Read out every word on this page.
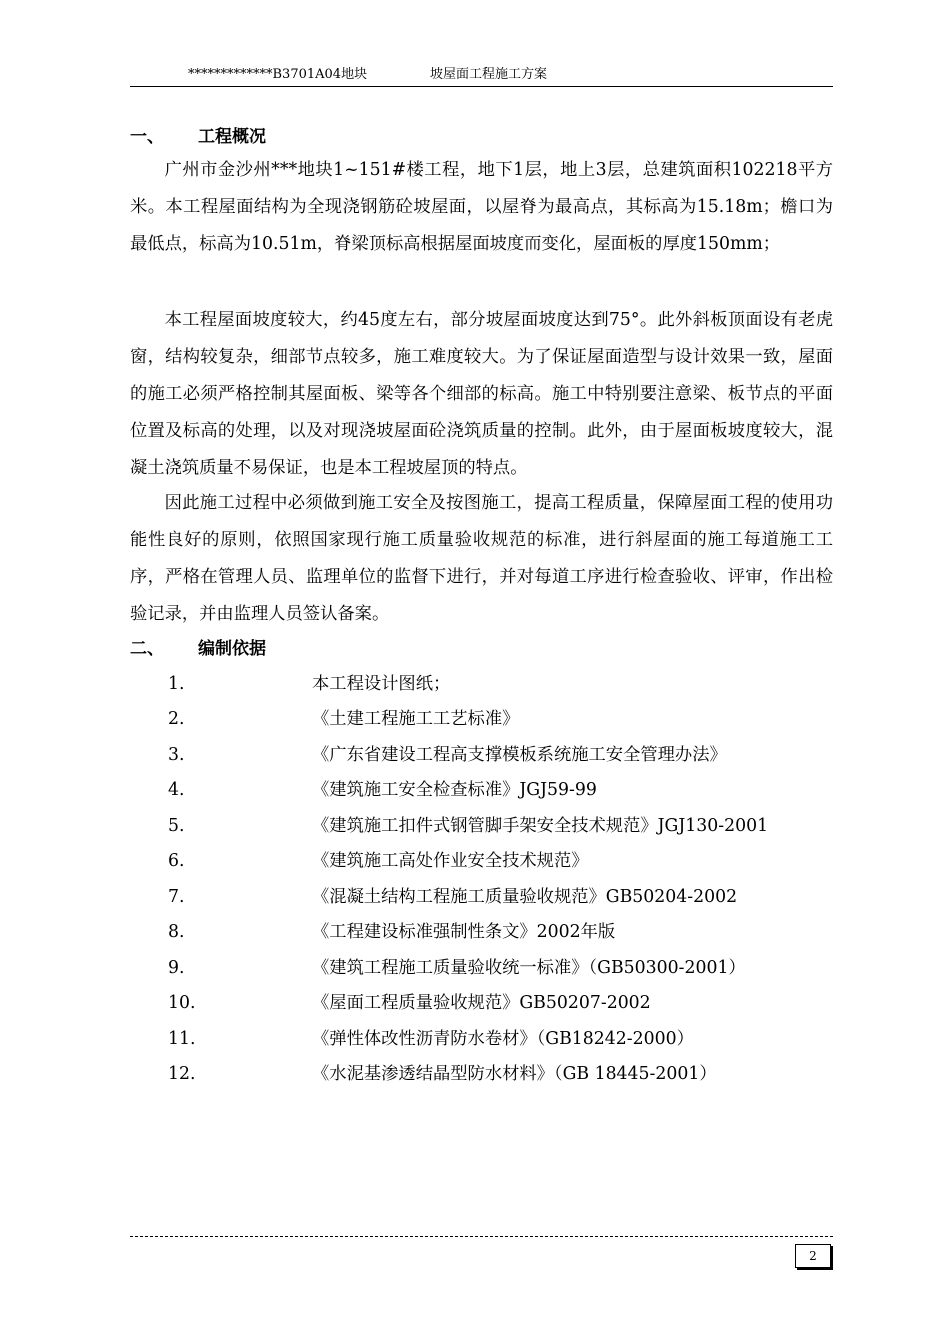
*************B3701A04地块	坡屋面工程施工方案
一、 工程概况

广州市金沙州***地块1~151#楼工程，地下1层，地上3层，总建筑面积102218平方米。本工程屋面结构为全现浇钢筋砼坡屋面，以屋脊为最高点，其标高为15.18m；檐口为最低点，标高为10.51m，脊梁顶标高根据屋面坡度而变化，屋面板的厚度150mm；

本工程屋面坡度较大，约45度左右，部分坡屋面坡度达到75°。此外斜板顶面设有老虎窗，结构较复杂，细部节点较多，施工难度较大。为了保证屋面造型与设计效果一致，屋面的施工必须严格控制其屋面板、梁等各个细部的标高。施工中特别要注意梁、板节点的平面位置及标高的处理，以及对现浇坡屋面砼浇筑质量的控制。此外，由于屋面板坡度较大，混凝土浇筑质量不易保证，也是本工程坡屋顶的特点。

因此施工过程中必须做到施工安全及按图施工，提高工程质量，保障屋面工程的使用功能性良好的原则，依照国家现行施工质量验收规范的标准，进行斜屋面的施工每道施工工序，严格在管理人员、监理单位的监督下进行，并对每道工序进行检查验收、评审，作出检验记录，并由监理人员签认备案。

二、 编制依据
1.	本工程设计图纸；
2.	《土建工程施工工艺标准》
3.	《广东省建设工程高支撑模板系统施工安全管理办法》
4.	《建筑施工安全检查标准》JGJ59-99
5.	《建筑施工扣件式钢管脚手架安全技术规范》JGJ130-2001
6.	《建筑施工高处作业安全技术规范》
7.	《混凝土结构工程施工质量验收规范》GB50204-2002
8.	《工程建设标准强制性条文》2002年版
9.	《建筑工程施工质量验收统一标准》（GB50300-2001）
10.	《屋面工程质量验收规范》GB50207-2002
11.	《弹性体改性沥青防水卷材》（GB18242-2000）
12.	《水泥基渗透结晶型防水材料》（GB 18445-2001）
2
